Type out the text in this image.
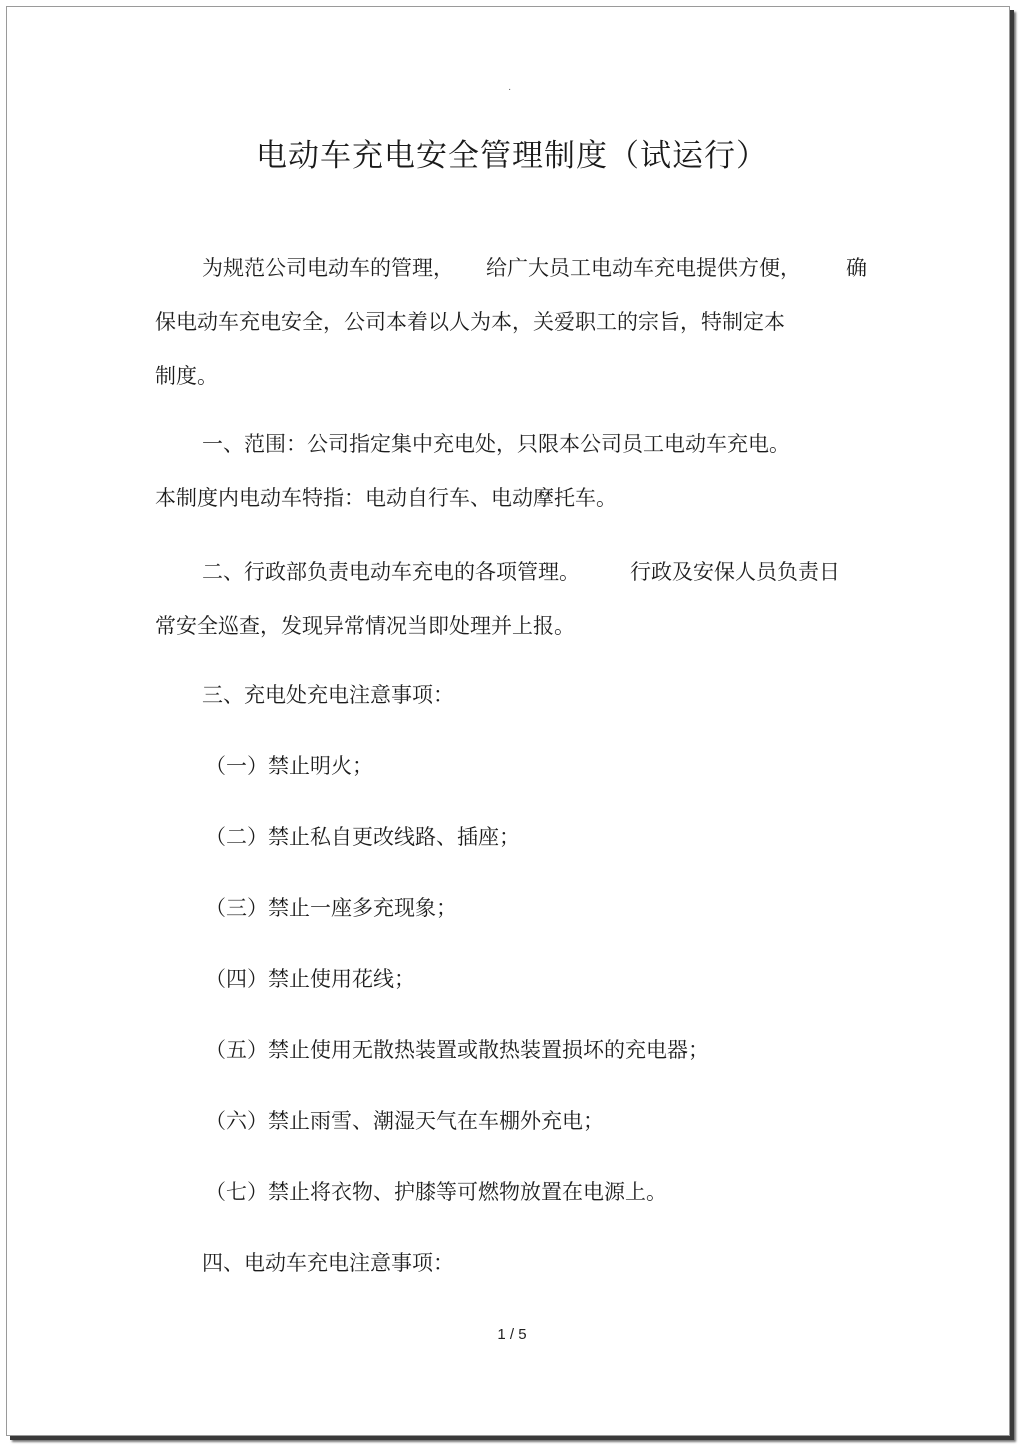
·
电动车充电安全管理制度（试运行）
为规范公司电动车的管理， 给广大员工电动车充电提供方便， 确
保电动车充电安全，公司本着以人为本，关爱职工的宗旨，特制定本
制度。
一、范围：公司指定集中充电处，只限本公司员工电动车充电。
本制度内电动车特指：电动自行车、电动摩托车。
二、行政部负责电动车充电的各项管理。 行政及安保人员负责日
常安全巡查，发现异常情况当即处理并上报。
三、充电处充电注意事项：
（一）禁止明火；
（二）禁止私自更改线路、插座；
（三）禁止一座多充现象；
（四）禁止使用花线；
（五）禁止使用无散热装置或散热装置损坏的充电器；
（六）禁止雨雪、潮湿天气在车棚外充电；
（七）禁止将衣物、护膝等可燃物放置在电源上。
四、电动车充电注意事项：
1 / 5
